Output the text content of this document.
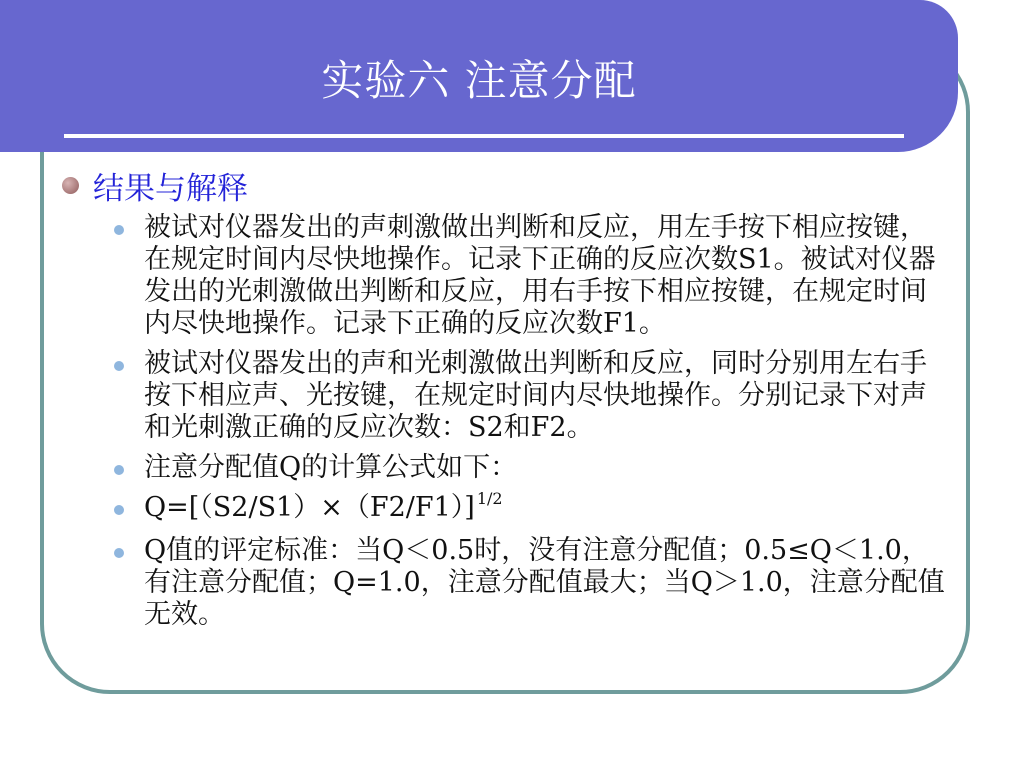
实验六 注意分配
结果与解释
被试对仪器发出的声刺激做出判断和反应，用左手按下相应按键，在规定时间内尽快地操作。记录下正确的反应次数S1。被试对仪器发出的光刺激做出判断和反应，用右手按下相应按键，在规定时间内尽快地操作。记录下正确的反应次数F1。
被试对仪器发出的声和光刺激做出判断和反应，同时分别用左右手按下相应声、光按键，在规定时间内尽快地操作。分别记录下对声和光刺激正确的反应次数：S2和F2。
注意分配值Q的计算公式如下：
Q=[（S2/S1）×（F2/F1）] $^{1/2}$
Q值的评定标准：当Q＜0.5时，没有注意分配值；0.5≤Q＜1.0，有注意分配值；Q=1.0，注意分配值最大；当Q＞1.0，注意分配值无效。
